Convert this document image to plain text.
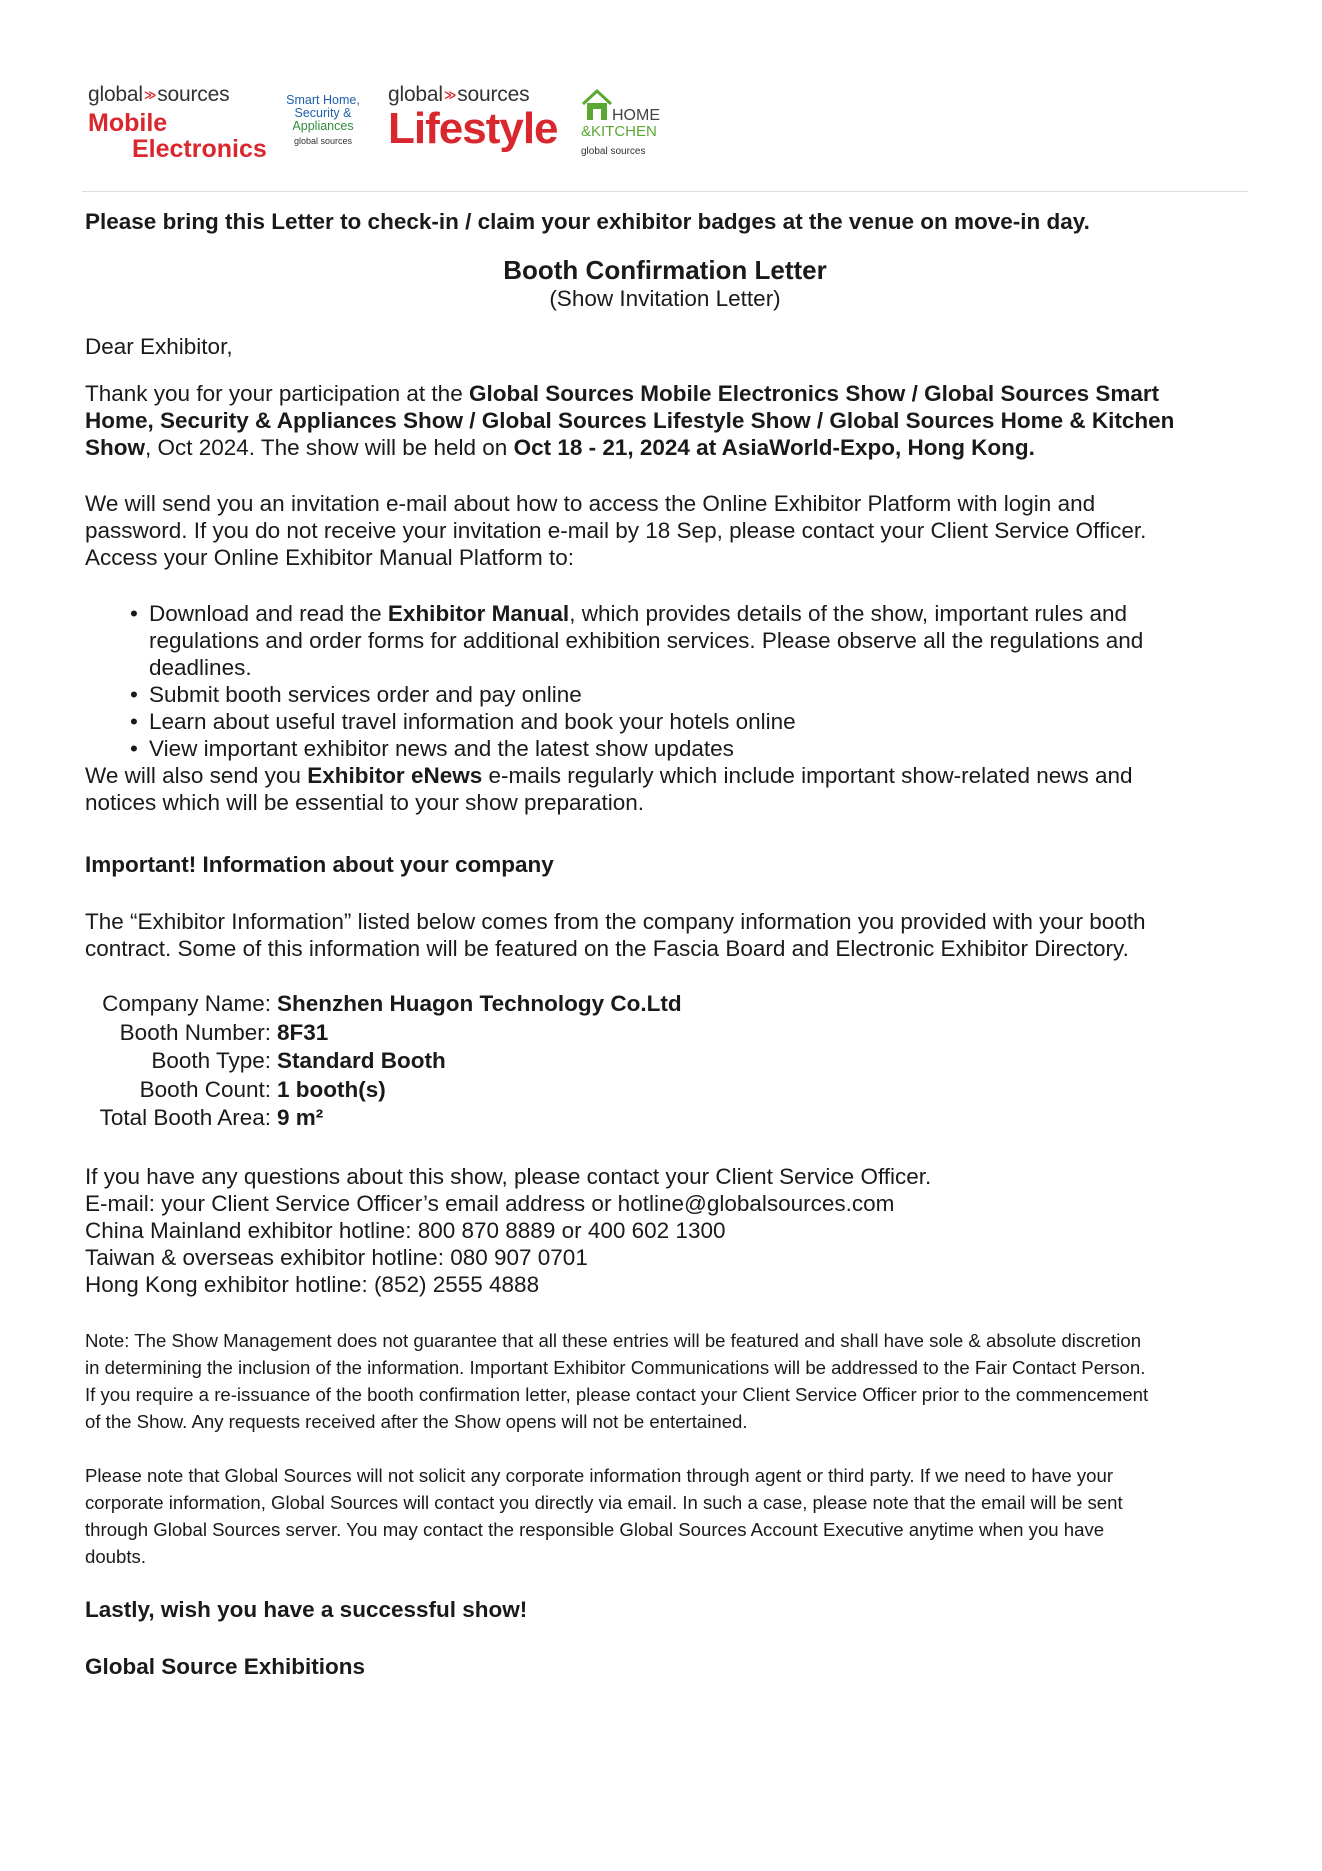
global≫sources
Mobile
Electronics
Smart Home,
Security &
Appliances
global sources
global≫sources
Lifestyle	HOME
&KITCHEN
global sources
Please bring this Letter to check-in / claim your exhibitor badges at the venue on move-in day.
Booth Confirmation Letter
(Show Invitation Letter)
Dear Exhibitor,
Thank you for your participation at the Global Sources Mobile Electronics Show / Global Sources Smart
Home, Security & Appliances Show / Global Sources Lifestyle Show / Global Sources Home & Kitchen
Show, Oct 2024. The show will be held on Oct 18 - 21, 2024 at AsiaWorld-Expo, Hong Kong.
We will send you an invitation e-mail about how to access the Online Exhibitor Platform with login and
password. If you do not receive your invitation e-mail by 18 Sep, please contact your Client Service Officer.
Access your Online Exhibitor Manual Platform to:
• Download and read the Exhibitor Manual, which provides details of the show, important rules and
regulations and order forms for additional exhibition services. Please observe all the regulations and
deadlines.
• Submit booth services order and pay online
• Learn about useful travel information and book your hotels online
• View important exhibitor news and the latest show updates
We will also send you Exhibitor eNews e-mails regularly which include important show-related news and
notices which will be essential to your show preparation.
Important! Information about your company
The “Exhibitor Information” listed below comes from the company information you provided with your booth
contract. Some of this information will be featured on the Fascia Board and Electronic Exhibitor Directory.
Company Name: Shenzhen Huagon Technology Co.Ltd
Booth Number: 8F31
Booth Type: Standard Booth
Booth Count: 1 booth(s)
Total Booth Area: 9 m²
If you have any questions about this show, please contact your Client Service Officer.
E-mail: your Client Service Officer’s email address or hotline@globalsources.com
China Mainland exhibitor hotline: 800 870 8889 or 400 602 1300
Taiwan & overseas exhibitor hotline: 080 907 0701
Hong Kong exhibitor hotline: (852) 2555 4888
Note: The Show Management does not guarantee that all these entries will be featured and shall have sole & absolute discretion
in determining the inclusion of the information. Important Exhibitor Communications will be addressed to the Fair Contact Person.
If you require a re-issuance of the booth confirmation letter, please contact your Client Service Officer prior to the commencement
of the Show. Any requests received after the Show opens will not be entertained.
Please note that Global Sources will not solicit any corporate information through agent or third party. If we need to have your
corporate information, Global Sources will contact you directly via email. In such a case, please note that the email will be sent
through Global Sources server. You may contact the responsible Global Sources Account Executive anytime when you have
doubts.
Lastly, wish you have a successful show!
Global Source Exhibitions
